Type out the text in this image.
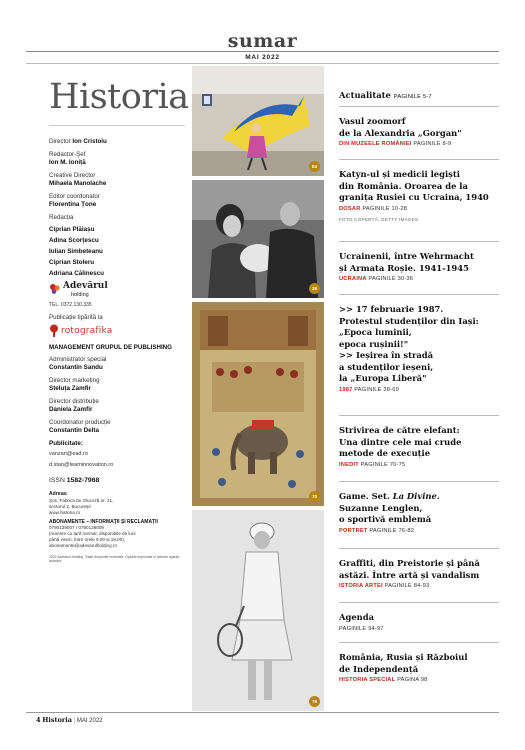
sumar
MAI 2022
Historia
Director Ion Cristoiu
Redactor-Şef
Ion M. Ioniță
Creative Director
Mihaela Manolache
Editor coordonator
Florentina Țone
Redacția
Ciprian Plăiașu
Adina Scorțescu
Iulian Simbeteanu
Ciprian Stoleru
Adriana Călinescu
Adevărul
holding
TEL. 0372.130.335
Publicație tipărită la
rotografika
MANAGEMENT GRUPUL DE PUBLISHING
Administrator special
Constantin Sandu
Director marketing
Steluța Zamfir
Director distribuție
Daniela Zamfir
Coordonator producție
Constantin Delta
Publicitate:
vanzari@ead.ro
d.stan@teaminnovation.ro
ISSN 1582-7968
Adresa:
Şos. Fabrica de Glucoză nr. 21,
sectorul 2, București
www.historia.ro
ABONAMENTE – INFORMAȚII ȘI RECLAMAȚII
0790139007 / 0790139009
(numere cu tarif normal, disponibile de luni
până vineri, între orele 9.00 și 18.00),
abonamente@adevarulholding.ro
2022 Adevărul Holding. Toate drepturile rezervate. Opiniile exprimate în articole aparțin autorilor.
84
38
70
76
Actualitate PAGINILE 5-7
Vasul zoomorf
de la Alexandria „Gorgan"
DIN MUZEELE ROMÂNIEI PAGINILE 8-9
Katyn-ul și medicii legiști
din România. Oroarea de la
granița Rusiei cu Ucraina, 1940
DOSAR PAGINILE 10-28
FOTO COPERTĂ: GETTY IMAGES
Ucrainenii, între Wehrmacht
și Armata Roșie. 1941-1945
UCRAINA PAGINILE 30-36
>> 17 februarie 1987.
Protestul studenților din Iași:
„Epoca luminii,
epoca rușinii!"
>> Ieșirea în stradă
a studenților ieșeni,
la „Europa Liberă"
1987 PAGINILE 38-69
Strivirea de către elefant:
Una dintre cele mai crude
metode de execuție
INEDIT PAGINILE 70-75
Game. Set. La Divine.
Suzanne Lenglen,
o sportivă emblemă
PORTRET PAGINILE 76-82
Graffiti, din Preistorie și până
astăzi. Între artă și vandalism
ISTORIA ARTEI PAGINILE 84-93
Agenda
PAGINILE 94-97
România, Rusia și Războiul
de Independență
HISTORIA SPECIAL PAGINA 98
4 Historia | MAI 2022
